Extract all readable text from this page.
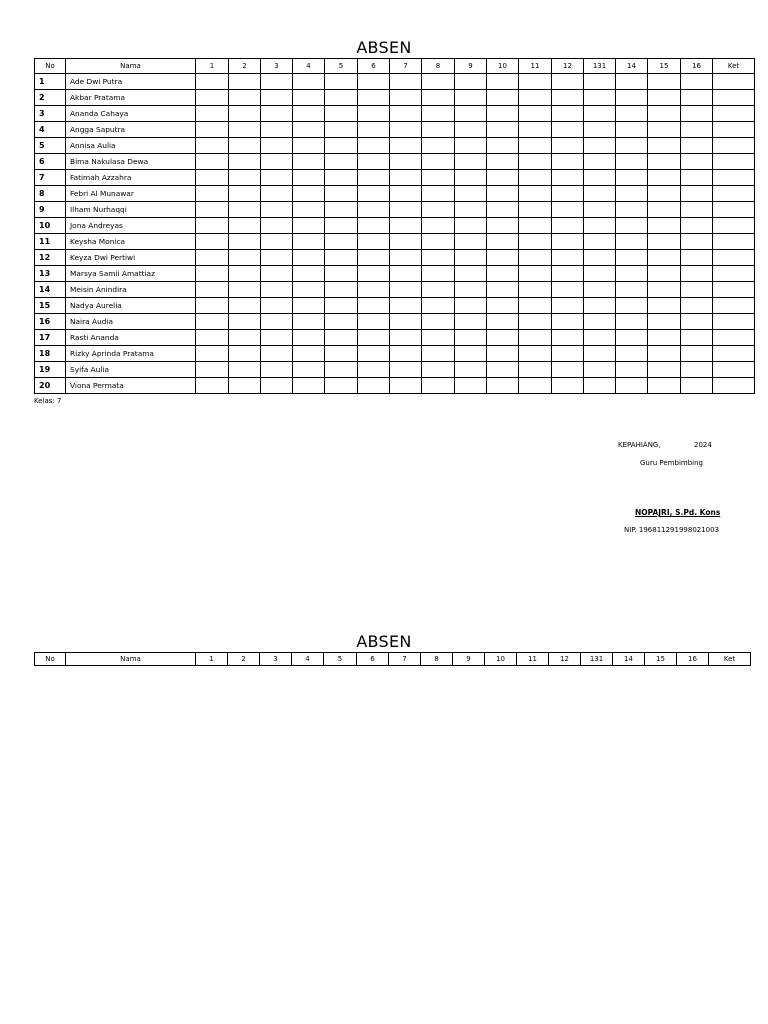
ABSEN
No	Nama	1	2	3	4	5	6	7	8	9	10	11	12	131	14	15	16	Ket
1	Ade Dwi Putra																	
2	Akbar Pratama																	
3	Ananda Cahaya																	
4	Angga Saputra																	
5	Annisa Aulia																	
6	Bima Nakulasa Dewa																	
7	Fatimah Azzahra																	
8	Febri Al Munawar																	
9	Ilham Nurhaqqi																	
10	Jona Andreyas																	
11	Keysha Monica																	
12	Keyza Dwi Pertiwi																	
13	Marsya Samii Amattiaz																	
14	Meisin Anindira																	
15	Nadya Aurelia																	
16	Naira Audia																	
17	Rasti Ananda																	
18	Rizky Aprinda Pratama																	
19	Syifa Aulia																	
20	Viona Permata																	
Kelas: 7
KEPAHIANG,	2024
Guru Pembimbing
NOPAJRI, S.Pd. Kons
NIP. 196811291998021003
ABSEN
No	Nama	1	2	3	4	5	6	7	8	9	10	11	12	131	14	15	16	Ket
